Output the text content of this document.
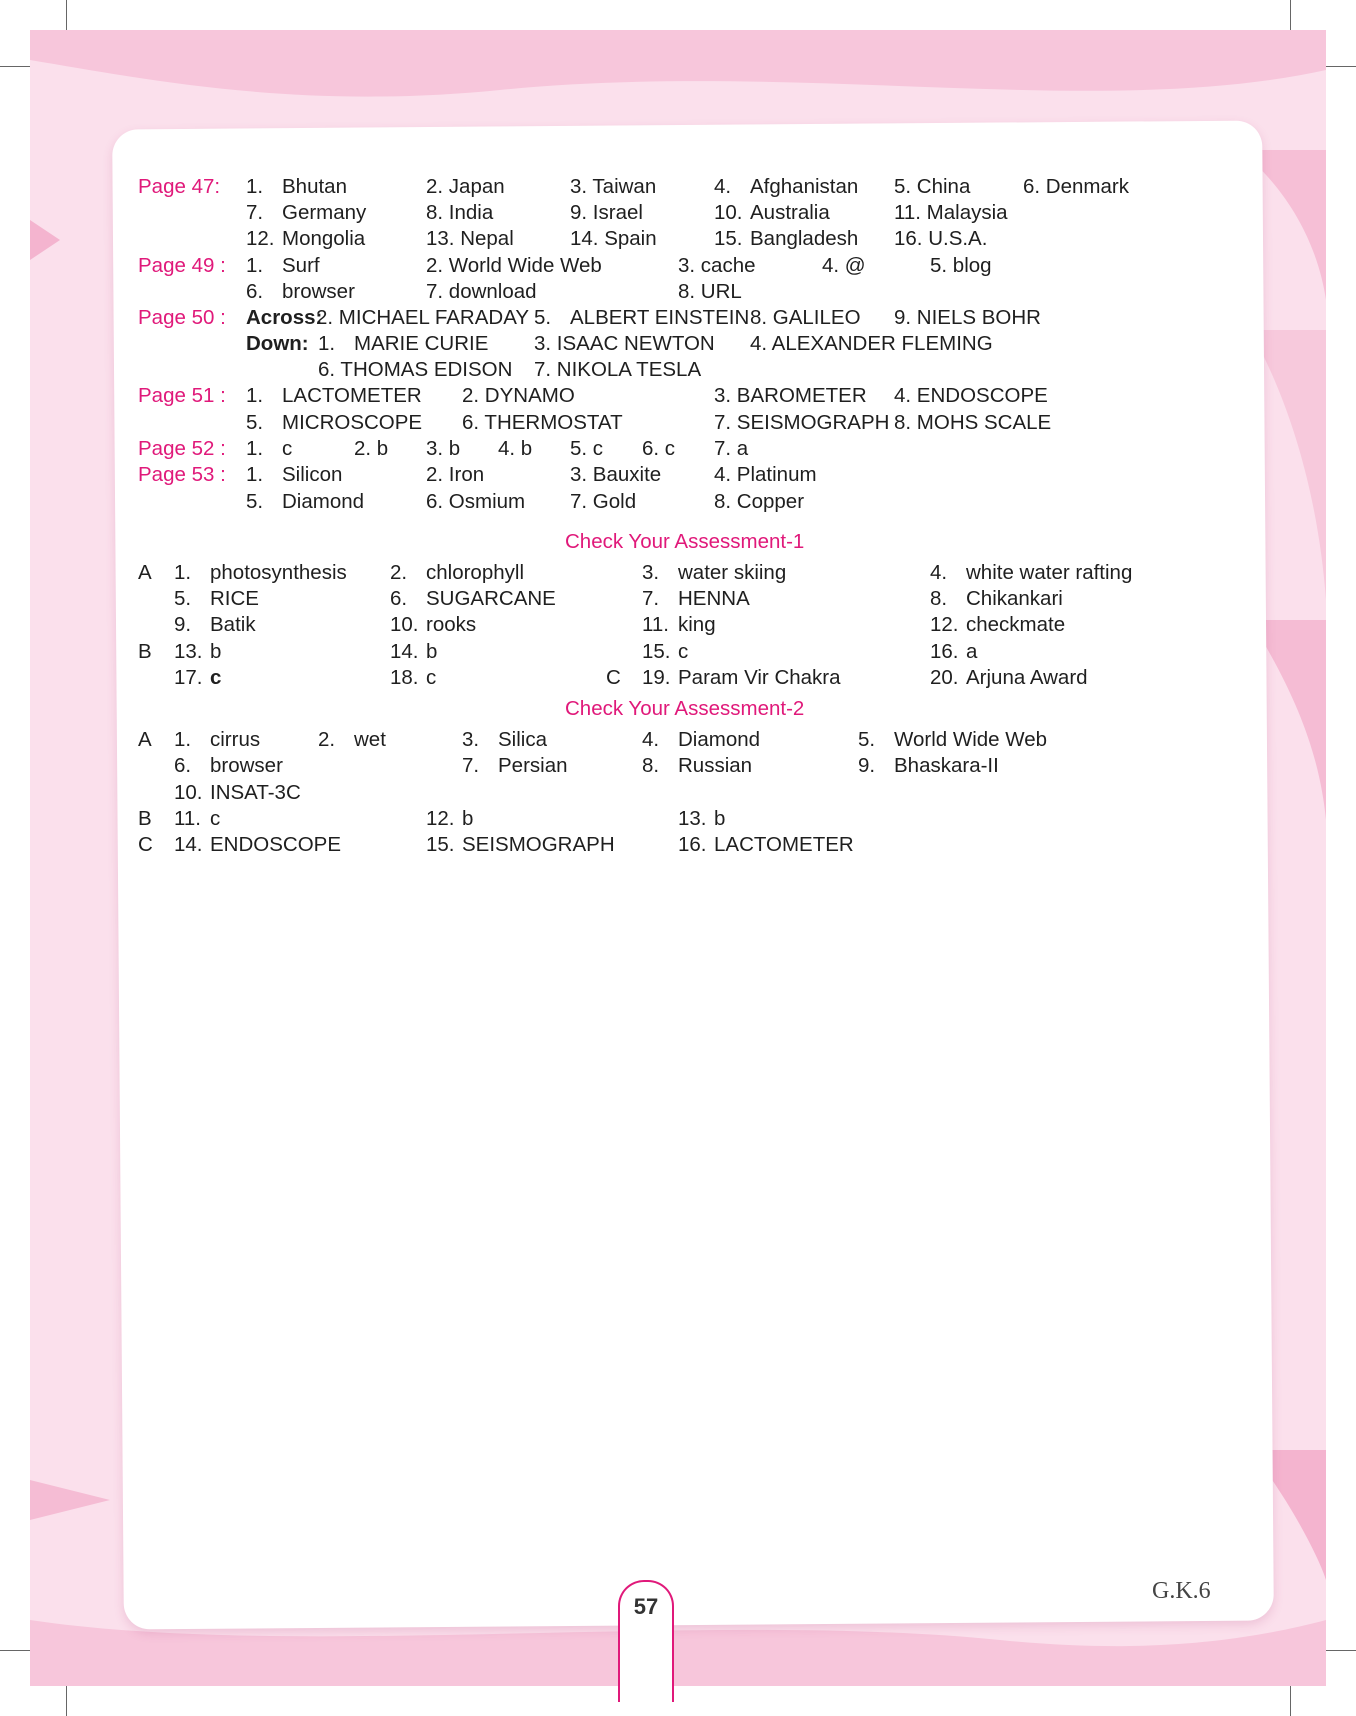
Page 47: 1. Bhutan	2. Japan	3. Taiwan	4. Afghanistan 5. China	6. Denmark
7. Germany	8. India	9. Israel	10. Australia	11. Malaysia
12. Mongolia	13. Nepal	14. Spain	15. Bangladesh 16. U.S.A.
Page 49 : 1. Surf	2. World Wide Web	3. cache	4. @	5. blog
6. browser	7. download	8. URL
Page 50 : Across:
2. MICHAEL FARADAY 5. ALBERT EINSTEIN 8. GALILEO 9. NIELS BOHR
Down: 1. MARIE CURIE 3. ISAAC NEWTON 4. ALEXANDER FLEMING
6. THOMAS EDISON 7. NIKOLA TESLA
Page 51 : 1. LACTOMETER 2. DYNAMO	3. BAROMETER 4. ENDOSCOPE
5. MICROSCOPE 6. THERMOSTAT	7. SEISMOGRAPH 8. MOHS SCALE
Page 52 : 1. c	2. b 3. b 4. b 5. c 6. c 7. a
Page 53 : 1. Silicon	2. Iron	3. Bauxite	4. Platinum
5. Diamond	6. Osmium 7. Gold	8. Copper
Check Your Assessment-1
A 1. photosynthesis 2. chlorophyll	3. water skiing	4. white water rafting
5. RICE	6. SUGARCANE	7. HENNA	8. Chikankari
9. Batik	10. rooks	11. king	12. checkmate
B 13. b	14. b	15. c	16. a
17. c	18. c	C 19. Param Vir Chakra	20. Arjuna Award
Check Your Assessment-2
A 1. cirrus	2. wet	3. Silica	4. Diamond	5. World Wide Web
6. browser	7. Persian	8. Russian	9. Bhaskara-II
10. INSAT-3C
B 11. c	12. b	13. b
C 14. ENDOSCOPE	15. SEISMOGRAPH	16. LACTOMETER
57
G.K.6
